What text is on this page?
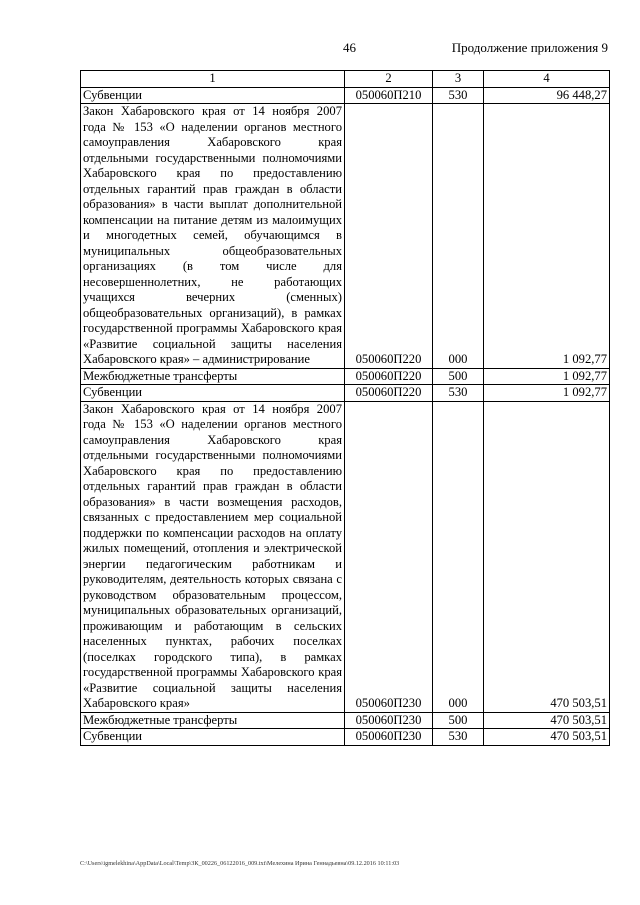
46	Продолжение приложения 9
1	2	3	4
Субвенции	050060П210	530	96 448,27
Закон Хабаровского края от 14 ноября 2007 года № 153 «О наделении органов местного самоуправления Хабаровского края отдельными государственными полномочиями Хабаровского края по предоставлению отдельных гарантий прав граждан в области образования» в части выплат дополнительной компенсации на питание детям из малоимущих и многодетных семей, обучающимся в муниципальных общеобразовательных организациях (в том числе для несовершеннолетних, не работающих учащихся вечерних (сменных) общеобразовательных организаций), в рамках государственной программы Хабаровского края «Развитие социальной защиты населения Хабаровского края» – администрирование	050060П220	000	1 092,77
Межбюджетные трансферты	050060П220	500	1 092,77
Субвенции	050060П220	530	1 092,77
Закон Хабаровского края от 14 ноября 2007 года № 153 «О наделении органов местного самоуправления Хабаровского края отдельными государственными полномочиями Хабаровского края по предоставлению отдельных гарантий прав граждан в области образования» в части возмещения расходов, связанных с предоставлением мер социальной поддержки по компенсации расходов на оплату жилых помещений, отопления и электрической энергии педагогическим работникам и руководителям, деятельность которых связана с руководством образовательным процессом, муниципальных образовательных организаций, проживающим и работающим в сельских населенных пунктах, рабочих поселках (поселках городского типа), в рамках государственной программы Хабаровского края «Развитие социальной защиты населения Хабаровского края»	050060П230	000	470 503,51
Межбюджетные трансферты	050060П230	500	470 503,51
Субвенции	050060П230	530	470 503,51
C:\Users\igmelekhina\AppData\Local\Temp\ЗК_00226_06122016_009.txt\Мелехина Ирина Геннадьевна\09.12.2016 10:11:03
